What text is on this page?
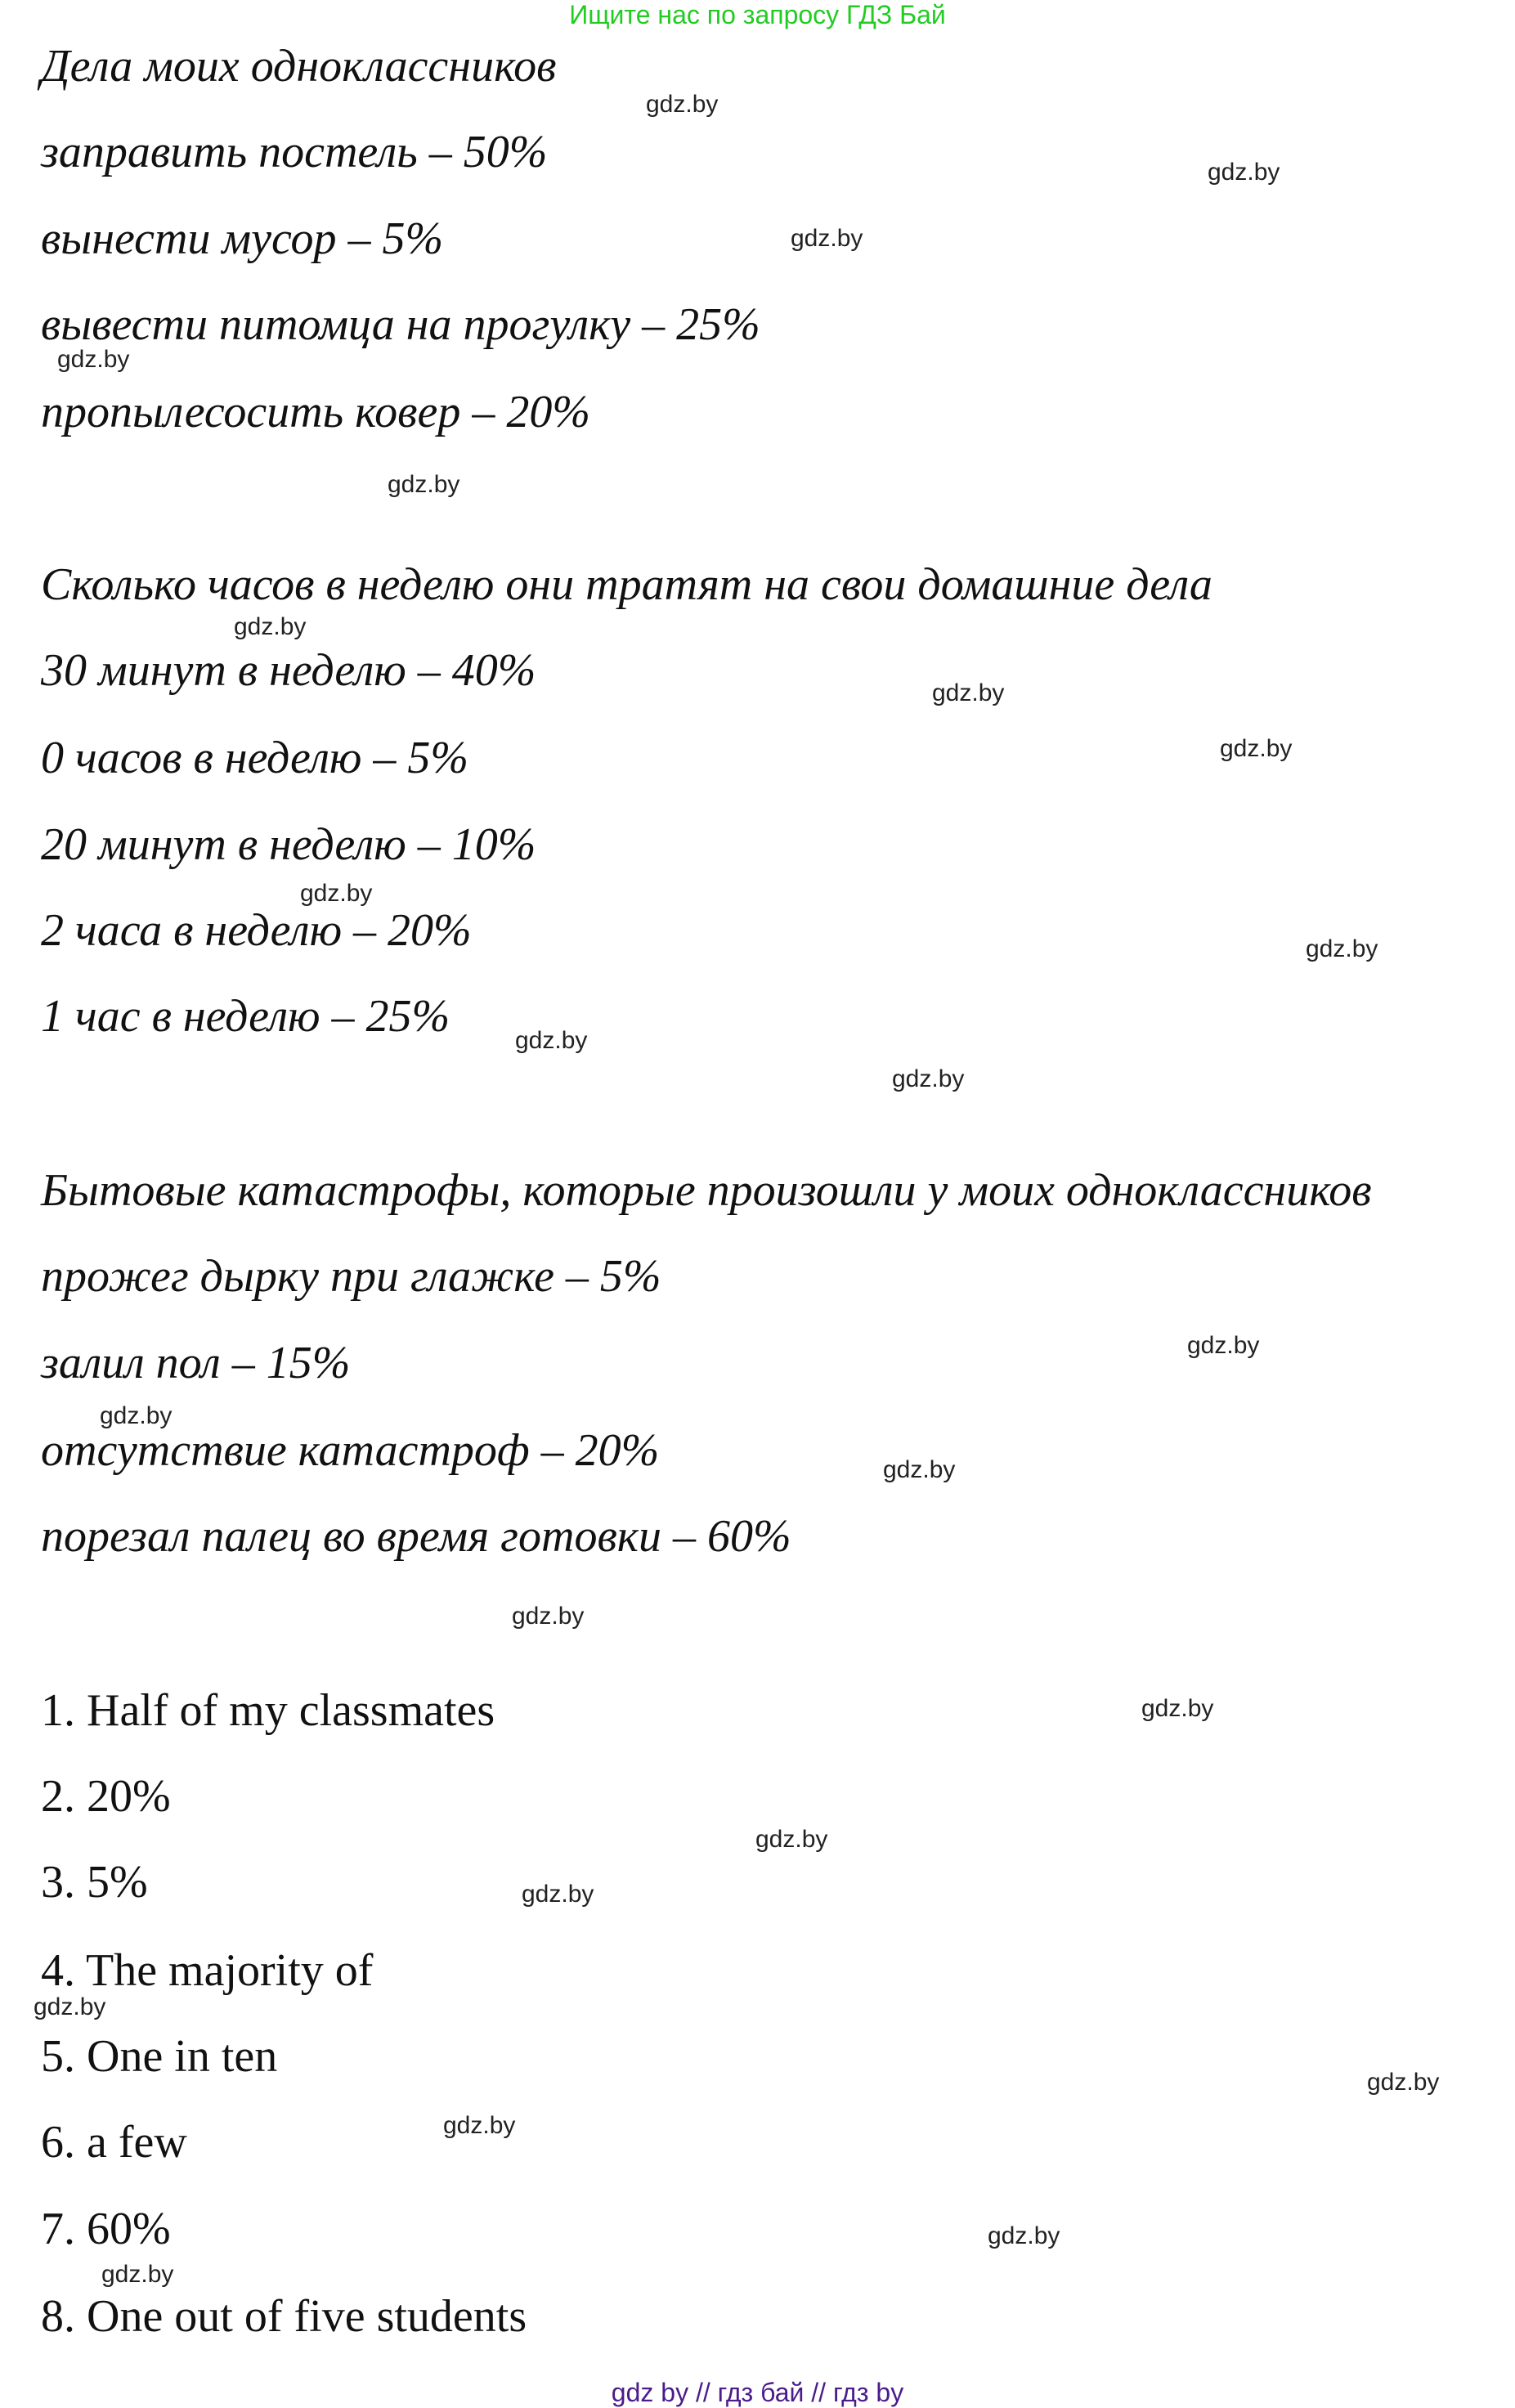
Ищите нас по запросу ГДЗ Бай
Дела моих одноклассников
заправить постель – 50%
вынести мусор – 5%
вывести питомца на прогулку – 25%
пропылесосить ковер – 20%
Сколько часов в неделю они тратят на свои домашние дела
30 минут в неделю – 40%
0 часов в неделю – 5%
20 минут в неделю – 10%
2 часа в неделю – 20%
1 час в неделю – 25%
Бытовые катастрофы, которые произошли у моих одноклассников
прожег дырку при глажке – 5%
залил пол – 15%
отсутствие катастроф – 20%
порезал палец во время готовки – 60%
1. Half of my classmates
2. 20%
3. 5%
4. The majority of
5. One in ten
6. a few
7. 60%
8. One out of five students
gdz.by
gdz.by
gdz.by
gdz.by
gdz.by
gdz.by
gdz.by
gdz.by
gdz.by
gdz.by
gdz.by
gdz.by
gdz.by
gdz.by
gdz.by
gdz.by
gdz.by
gdz.by
gdz.by
gdz.by
gdz.by
gdz.by
gdz.by
gdz.by
gdz by // гдз бай // гдз by
